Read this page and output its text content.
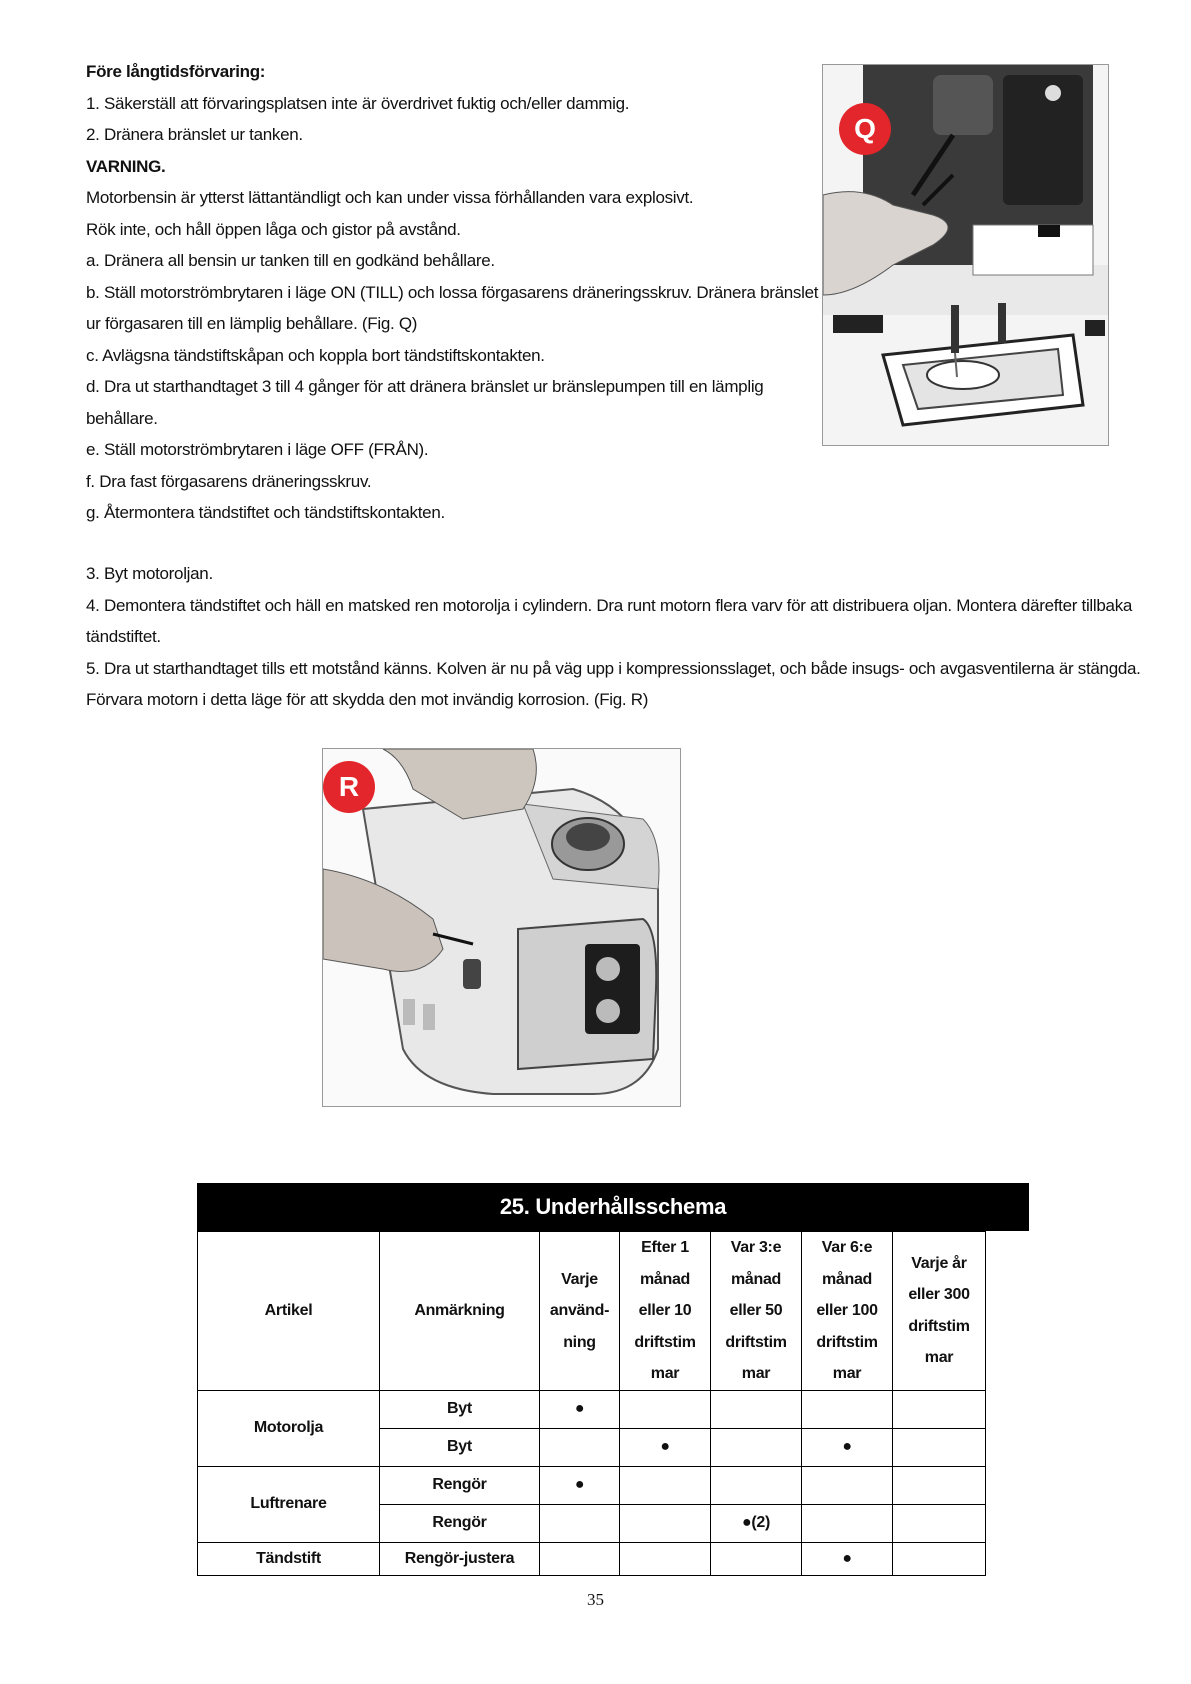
Före långtidsförvaring:
1. Säkerställ att förvaringsplatsen inte är överdrivet fuktig och/eller dammig.
2. Dränera bränslet ur tanken.
VARNING.
Motorbensin är ytterst lättantändligt och kan under vissa förhållanden vara explosivt.
Rök inte, och håll öppen låga och gistor på avstånd.
a. Dränera all bensin ur tanken till en godkänd behållare.
b. Ställ motorströmbrytaren i läge ON (TILL) och lossa förgasarens dräneringsskruv. Dränera bränslet
ur förgasaren till en lämplig behållare. (Fig. Q)
c. Avlägsna tändstiftskåpan och koppla bort tändstiftskontakten.
d. Dra ut starthandtaget 3 till 4 gånger för att dränera bränslet ur bränslepumpen till en lämplig
behållare.
e. Ställ motorströmbrytaren i läge OFF (FRÅN).
f. Dra fast förgasarens dräneringsskruv.
g. Återmontera tändstiftet och tändstiftskontakten.
3. Byt motoroljan.
4. Demontera tändstiftet och häll en matsked ren motorolja i cylindern. Dra runt motorn flera varv för att distribuera oljan. Montera därefter tillbaka
tändstiftet.
5. Dra ut starthandtaget tills ett motstånd känns. Kolven är nu på väg upp i kompressionsslaget, och både insugs- och avgasventilerna är stängda.
Förvara motorn i detta läge för att skydda den mot invändig korrosion. (Fig. R)
Q
R
25. Underhållsschema
Artikel	Anmärkning	Varje
använd-
ning	Efter 1
månad
eller 10
driftstim
mar	Var 3:e
månad
eller 50
driftstim
mar	Var 6:e
månad
eller 100
driftstim
mar	Varje år
eller 300
driftstim
mar
Motorolja	Byt	●				
	Byt		●		●	
Luftrenare	Rengör	●				
	Rengör			●(2)		
Tändstift	Rengör-justera				●	
35
